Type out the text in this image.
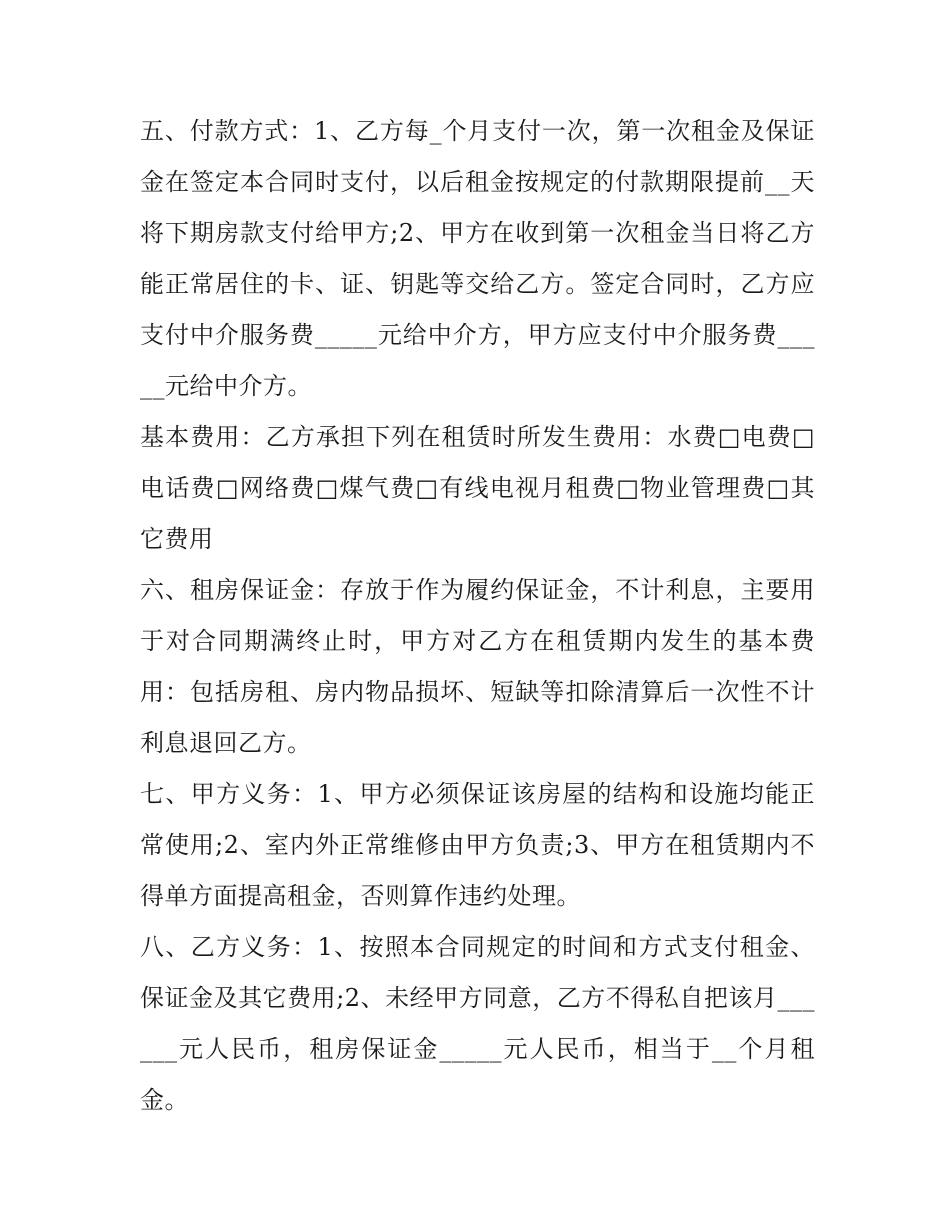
五、付款方式：1、乙方每_个月支付一次，第一次租金及保证金在签定本合同时支付，以后租金按规定的付款期限提前__天将下期房款支付给甲方;2、甲方在收到第一次租金当日将乙方能正常居住的卡、证、钥匙等交给乙方。签定合同时，乙方应支付中介服务费_____元给中介方，甲方应支付中介服务费_____元给中介方。

基本费用：乙方承担下列在租赁时所发生费用：水费□电费□电话费□网络费□煤气费□有线电视月租费□物业管理费□其它费用

六、租房保证金：存放于作为履约保证金，不计利息，主要用于对合同期满终止时，甲方对乙方在租赁期内发生的基本费用：包括房租、房内物品损坏、短缺等扣除清算后一次性不计利息退回乙方。

七、甲方义务：1、甲方必须保证该房屋的结构和设施均能正常使用;2、室内外正常维修由甲方负责;3、甲方在租赁期内不得单方面提高租金，否则算作违约处理。

八、乙方义务：1、按照本合同规定的时间和方式支付租金、保证金及其它费用;2、未经甲方同意，乙方不得私自把该月______元人民币，租房保证金_____元人民币，相当于__个月租金。
